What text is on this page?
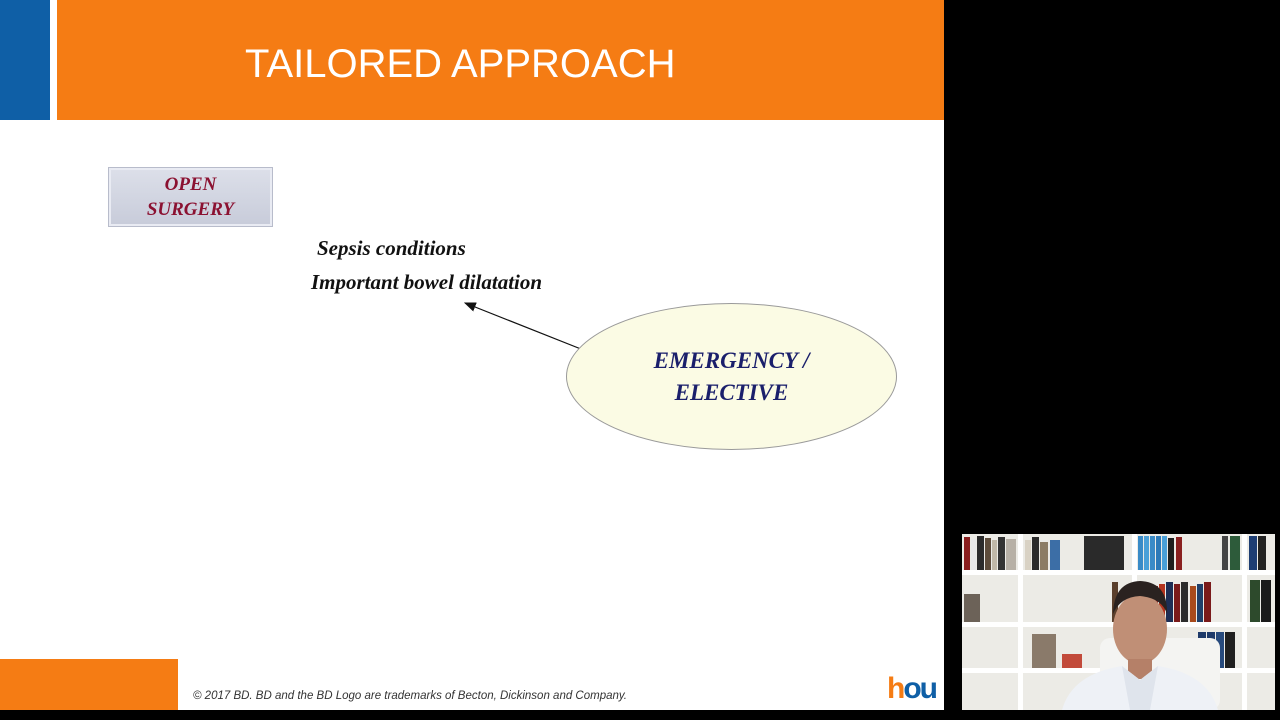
TAILORED APPROACH
OPEN
SURGERY
Sepsis conditions
Important bowel dilatation
EMERGENCY /
ELECTIVE
© 2017 BD. BD and the BD Logo are trademarks of Becton, Dickinson and Company.	hou
